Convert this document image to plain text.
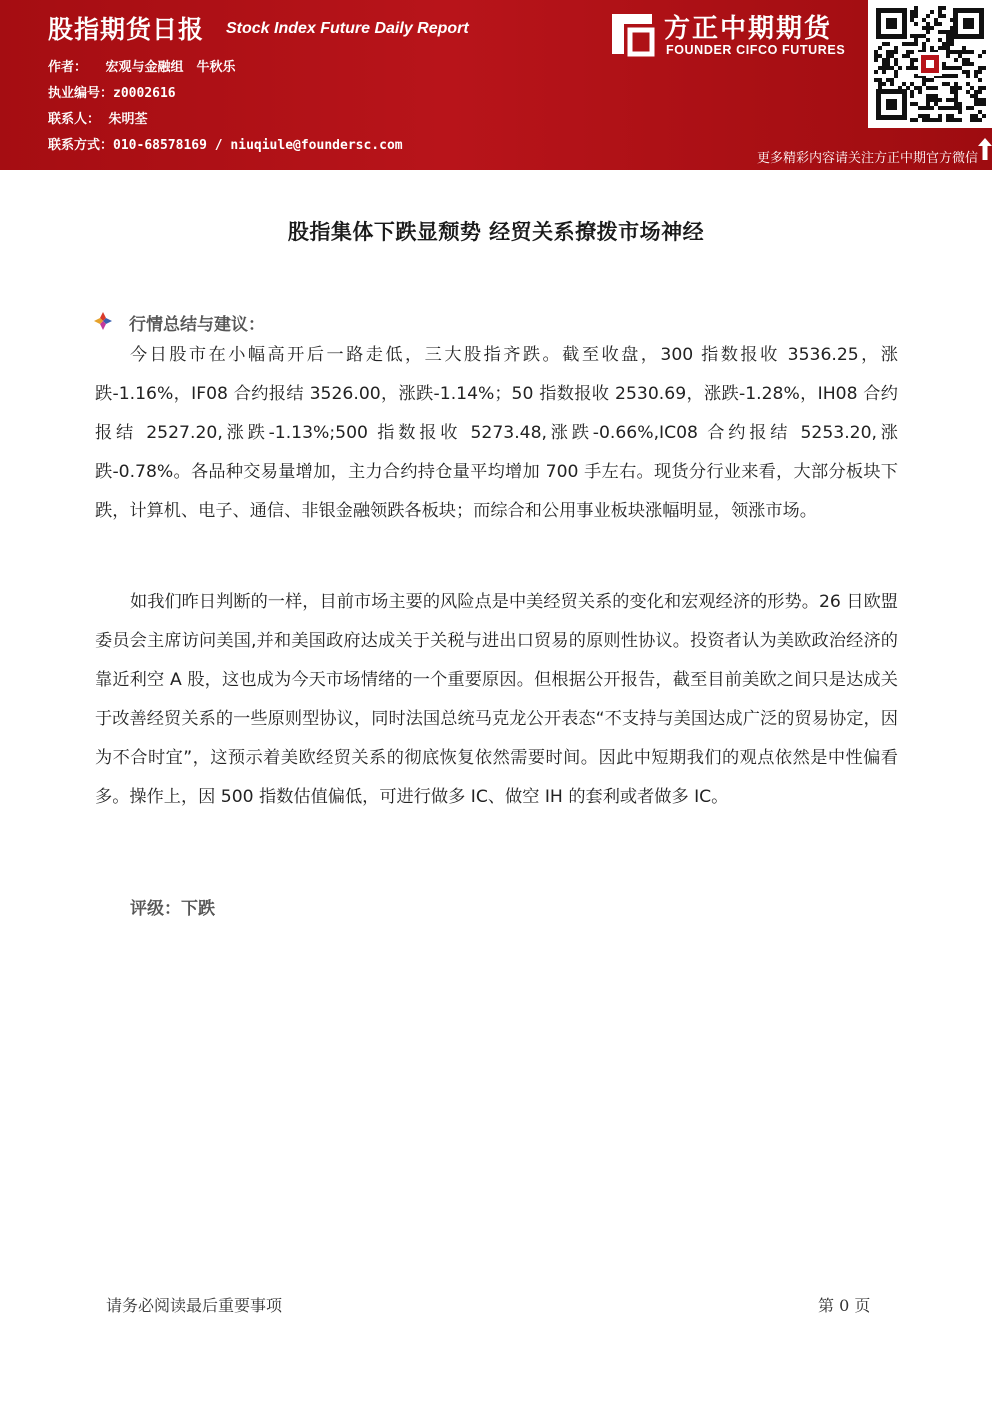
股指期货日报 Stock Index Future Daily Report
作者： 宏观与金融组　牛秋乐
执业编号：z0002616
联系人： 朱明荃
联系方式：010-68578169 / niuqiule@foundersc.com
方正中期期货
FOUNDER CIFCO FUTURES
更多精彩内容请关注方正中期官方微信
股指集体下跌显颓势 经贸关系撩拨市场神经
行情总结与建议：

今日股市在小幅高开后一路走低，三大股指齐跌。截至收盘，300 指数报收 3536.25，涨跌-1.16%，IF08 合约报结 3526.00，涨跌-1.14%；50 指数报收 2530.69，涨跌-1.28%，IH08 合约报结 2527.20,涨跌-1.13%;500 指数报收 5273.48,涨跌-0.66%,IC08 合约报结 5253.20,涨跌-0.78%。各品种交易量增加，主力合约持仓量平均增加 700 手左右。现货分行业来看，大部分板块下跌，计算机、电子、通信、非银金融领跌各板块；而综合和公用事业板块涨幅明显，领涨市场。

如我们昨日判断的一样，目前市场主要的风险点是中美经贸关系的变化和宏观经济的形势。26 日欧盟委员会主席访问美国,并和美国政府达成关于关税与进出口贸易的原则性协议。投资者认为美欧政治经济的靠近利空 A 股，这也成为今天市场情绪的一个重要原因。但根据公开报告，截至目前美欧之间只是达成关于改善经贸关系的一些原则型协议，同时法国总统马克龙公开表态“不支持与美国达成广泛的贸易协定，因为不合时宜”，这预示着美欧经贸关系的彻底恢复依然需要时间。因此中短期我们的观点依然是中性偏看多。操作上，因 500 指数估值偏低，可进行做多 IC、做空 IH 的套利或者做多 IC。

评级：下跌
请务必阅读最后重要事项	第 0 页
